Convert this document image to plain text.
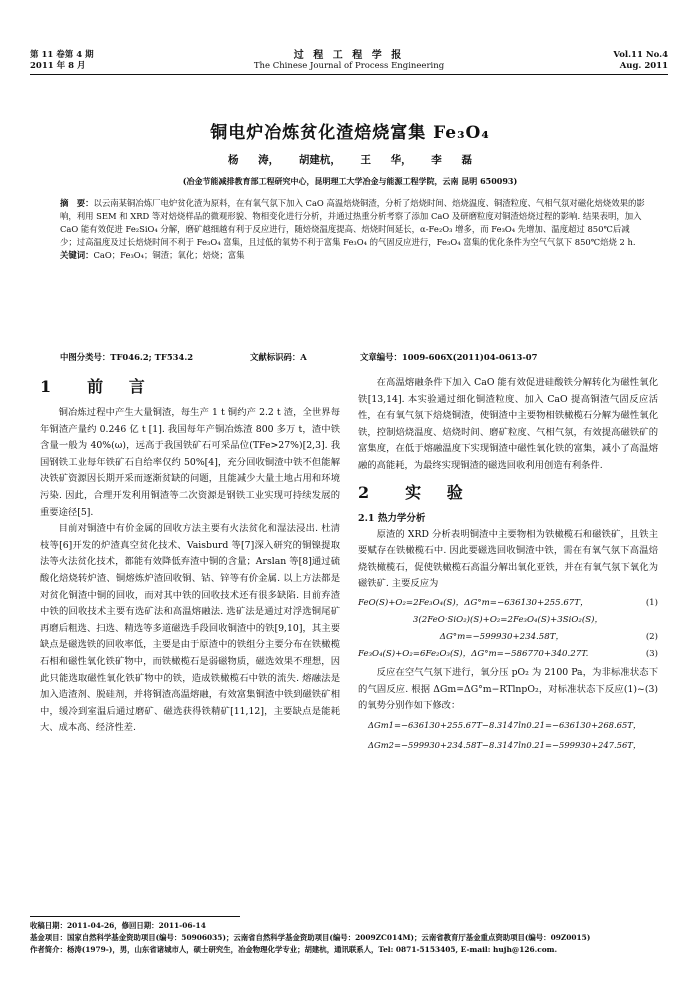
第 11 卷第 4 期
2011 年 8 月
过 程 工 程 学 报
The Chinese Journal of Process Engineering
Vol.11 No.4
Aug. 2011
铜电炉冶炼贫化渣焙烧富集 Fe₃O₄
杨 涛， 胡建杭， 王 华， 李 磊
(冶金节能减排教育部工程研究中心，昆明理工大学冶金与能源工程学院，云南 昆明 650093)
摘　要：以云南某铜冶炼厂电炉贫化渣为原料，在有氧气氛下加入 CaO 高温焙烧铜渣，分析了焙烧时间、焙烧温度、铜渣粒度、气相气氛对磁化焙烧效果的影响，利用 SEM 和 XRD 等对焙烧样品的微观形貌、物相变化进行分析，并通过热重分析考察了添加 CaO 及研磨粒度对铜渣焙烧过程的影响. 结果表明，加入 CaO 能有效促进 Fe₂SiO₄ 分解，磨矿越细越有利于反应进行，随焙烧温度提高、焙烧时间延长，α-Fe₂O₃ 增多，而 Fe₃O₄ 先增加、温度超过 850℃后减少；过高温度及过长焙烧时间不利于 Fe₃O₄ 富集，且过低的氧势不利于富集 Fe₃O₄ 的气固反应进行，Fe₃O₄ 富集的优化条件为空气气氛下 850℃焙烧 2 h.
关键词：CaO；Fe₃O₄；铜渣；氧化；焙烧；富集
中图分类号：TF046.2; TF534.2	文献标识码：A	文章编号：1009-606X(2011)04-0613-07
1　前 言

铜冶炼过程中产生大量铜渣，每生产 1 t 铜约产 2.2 t 渣，全世界每年铜渣产量约 0.246 亿 t [1]. 我国每年产铜冶炼渣 800 多万 t，渣中铁含量一般为 40%(ω)，远高于我国铁矿石可采品位(TFe>27%)[2,3]. 我国钢铁工业每年铁矿石自给率仅约 50%[4]，充分回收铜渣中铁不但能解决铁矿资源因长期开采而逐渐贫缺的问题，且能减少大量土地占用和环境污染. 因此，合理开发利用铜渣等二次资源是钢铁工业实现可持续发展的重要途径[5].

目前对铜渣中有价金属的回收方法主要有火法贫化和湿法浸出. 杜清枝等[6]开发的炉渣真空贫化技术、Vaisburd 等[7]深入研究的铜镍提取法等火法贫化技术，都能有效降低弃渣中铜的含量；Arslan 等[8]通过硫酸化焙烧转炉渣、铜熔炼炉渣回收铜、钴、锌等有价金属. 以上方法都是对贫化铜渣中铜的回收，而对其中铁的回收技术还有很多缺陷. 目前弃渣中铁的回收技术主要有选矿法和高温熔融法. 选矿法是通过对浮选铜尾矿再磨后粗选、扫选、精选等多道磁选手段回收铜渣中的铁[9,10]，其主要缺点是磁选铁的回收率低，主要是由于原渣中的铁组分主要分布在铁橄榄石相和磁性氧化铁矿物中，而铁橄榄石是弱磁物质，磁选效果不理想，因此只能选取磁性氧化铁矿物中的铁，造成铁橄榄石中铁的流失. 熔融法是加入造渣剂、脱硅剂，并将铜渣高温熔融，有效富集铜渣中铁到磁铁矿相中，缓冷到室温后通过磨矿、磁选获得铁精矿[11,12]，主要缺点是能耗大、成本高、经济性差.

在高温熔融条件下加入 CaO 能有效促进硅酸铁分解转化为磁性氧化铁[13,14]. 本实验通过细化铜渣粒度、加入 CaO 提高铜渣气固反应活性，在有氧气氛下焙烧铜渣，使铜渣中主要物相铁橄榄石分解为磁性氧化铁，控制焙烧温度、焙烧时间、磨矿粒度、气相气氛，有效提高磁铁矿的富集度，在低于熔融温度下实现铜渣中磁性氧化铁的富集，减小了高温熔融的高能耗，为最终实现铜渣的磁选回收利用创造有利条件.

2　实 验
2.1 热力学分析

原渣的 XRD 分析表明铜渣中主要物相为铁橄榄石和磁铁矿，且铁主要赋存在铁橄榄石中. 因此要磁选回收铜渣中铁，需在有氧气氛下高温焙烧铁橄榄石，促使铁橄榄石高温分解出氧化亚铁，并在有氧气氛下氧化为磁铁矿. 主要反应为

FeO(S)+O₂=2Fe₃O₄(S)，ΔG°m=−636130+255.67T，	(1)
3(2FeO·SiO₂)(S)+O₂=2Fe₃O₄(S)+3SiO₂(S)，
ΔG°m=−599930+234.58T，	(2)
Fe₃O₄(S)+O₂=6Fe₂O₃(S)，ΔG°m=−586770+340.27T.	(3)

反应在空气气氛下进行，氧分压 pO₂ 为 2100 Pa，为非标准状态下的气固反应. 根据 ΔGm=ΔG°m−RTlnpO₂，对标准状态下反应(1)~(3)的氧势分别作如下修改：

ΔGm1=−636130+255.67T−8.3147ln0.21=−636130+268.65T，
ΔGm2=−599930+234.58T−8.3147ln0.21=−599930+247.56T，
收稿日期：2011-04-26，修回日期：2011-06-14
基金项目：国家自然科学基金资助项目(编号：50906035)；云南省自然科学基金资助项目(编号：2009ZC014M)；云南省教育厅基金重点资助项目(编号：09Z0015)
作者简介：杨涛(1979-)，男，山东省诸城市人，硕士研究生，冶金物理化学专业；胡建杭，通讯联系人，Tel: 0871-5153405, E-mail: hujh@126.com.
